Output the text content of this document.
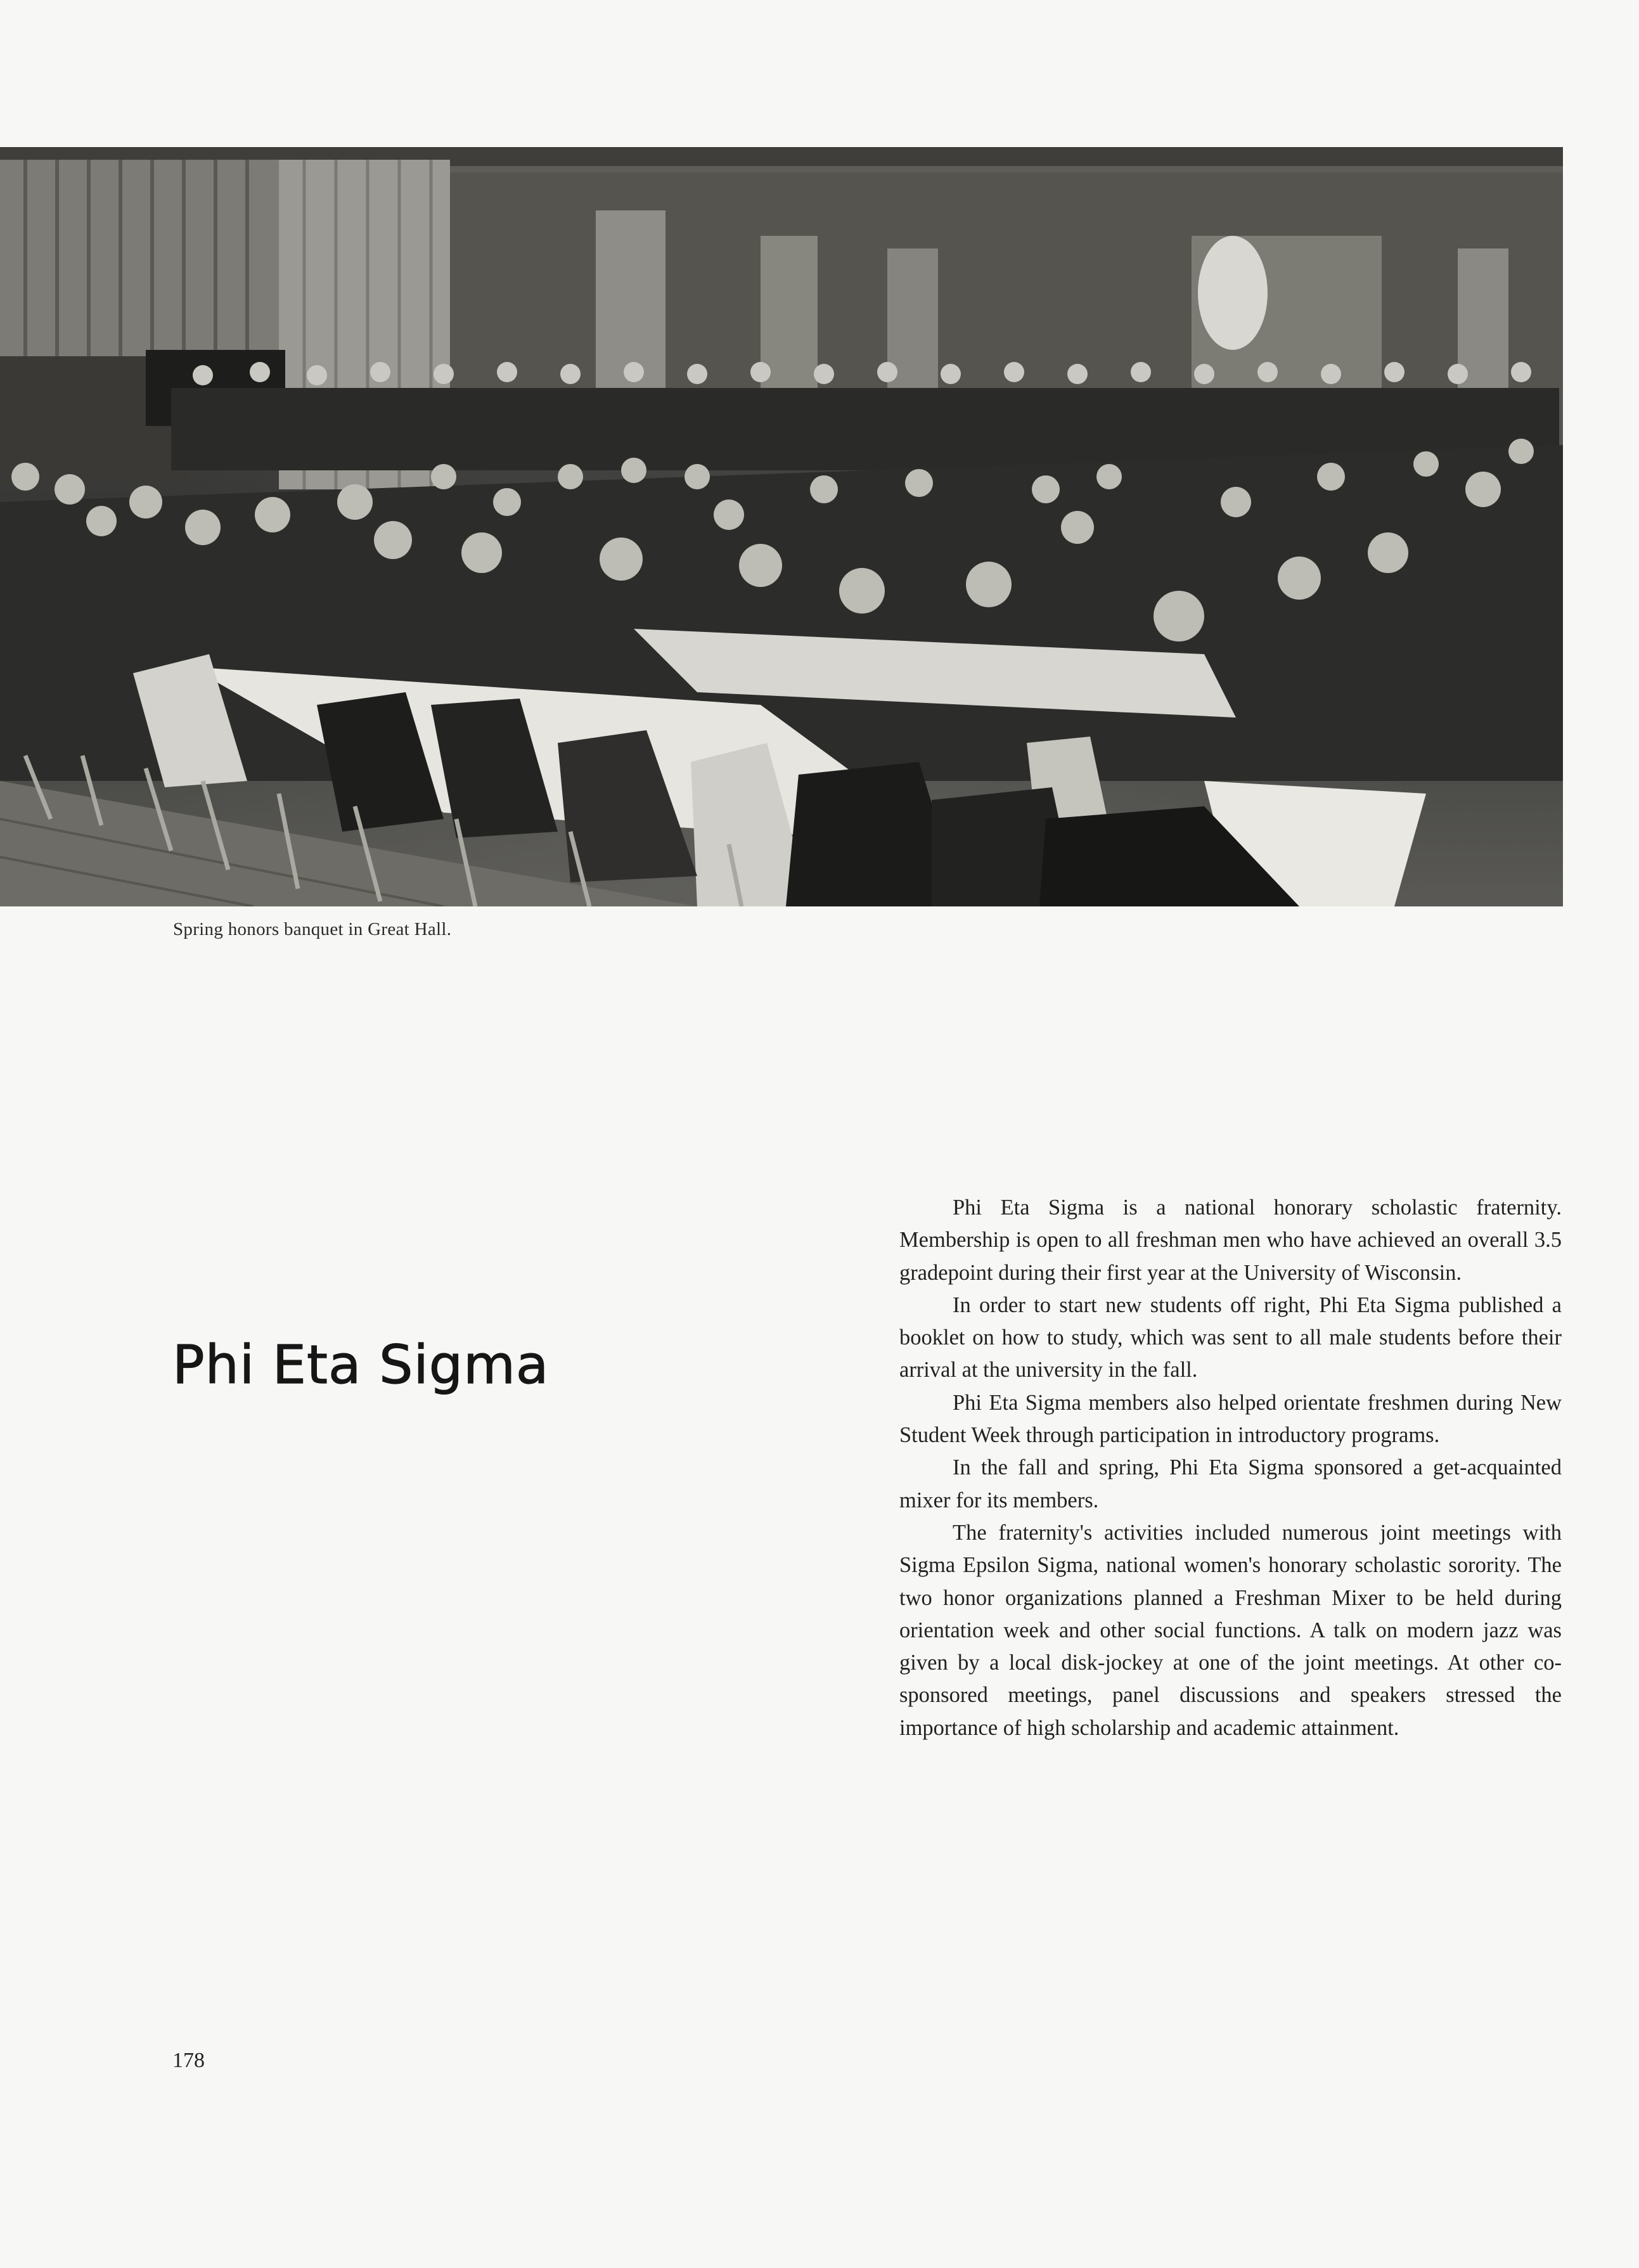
Spring honors banquet in Great Hall.
Phi Eta Sigma

Phi Eta Sigma is a national honorary scholastic fraternity. Membership is open to all freshman men who have achieved an overall 3.5 gradepoint during their first year at the University of Wisconsin.

In order to start new students off right, Phi Eta Sigma published a booklet on how to study, which was sent to all male students before their arrival at the university in the fall.

Phi Eta Sigma members also helped orientate freshmen during New Student Week through participation in introductory programs.

In the fall and spring, Phi Eta Sigma sponsored a get-acquainted mixer for its members.

The fraternity's activities included numerous joint meetings with Sigma Epsilon Sigma, national women's honorary scholastic sorority. The two honor organizations planned a Freshman Mixer to be held during orientation week and other social functions. A talk on modern jazz was given by a local disk-jockey at one of the joint meetings. At other co-sponsored meetings, panel discussions and speakers stressed the importance of high scholarship and academic attainment.

178
